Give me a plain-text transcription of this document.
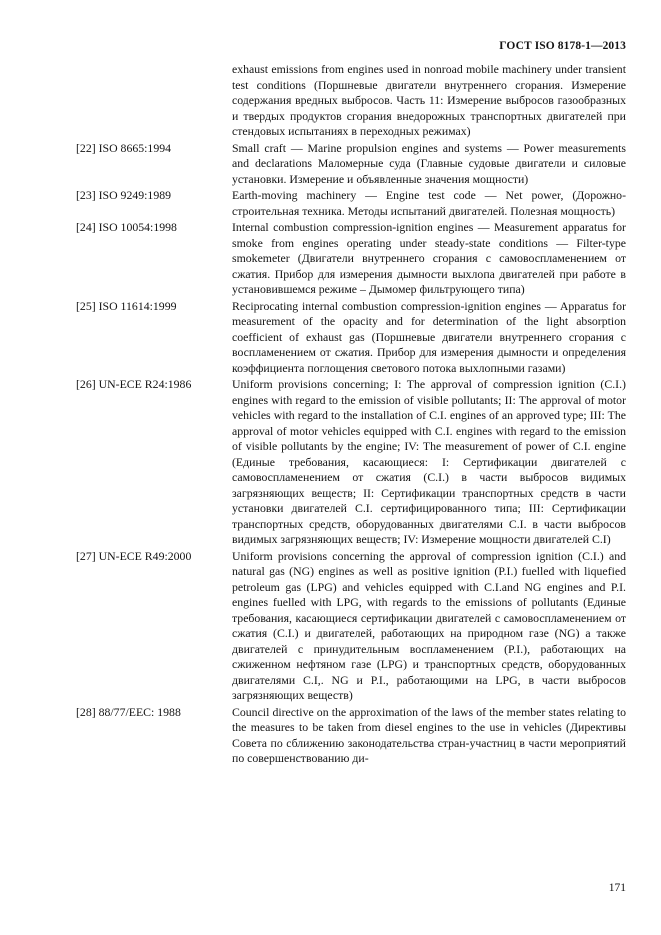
ГОСТ ISO 8178-1—2013
exhaust emissions from engines used in nonroad mobile machinery under transient test conditions (Поршневые двигатели внутреннего сгорания. Измерение содержания вредных выбросов. Часть 11: Измерение выбросов газообразных и твердых продуктов сгорания внедорожных транспортных двигателей при стендовых испытаниях в переходных режимах)
[22] ISO 8665:1994	Small craft — Marine propulsion engines and systems — Power measurements and declarations Маломерные суда (Главные судовые двигатели и силовые установки. Измерение и объявленные значения мощности)
[23] ISO 9249:1989	Earth-moving machinery — Engine test code — Net power, (Дорожно-строительная техника. Методы испытаний двигателей. Полезная мощность)
[24] ISO 10054:1998	Internal combustion compression-ignition engines — Measurement apparatus for smoke from engines operating under steady-state conditions — Filter-type smokemeter (Двигатели внутреннего сгорания с самовоспламенением от сжатия. Прибор для измерения дымности выхлопа двигателей при работе в установившемся режиме – Дымомер фильтрующего типа)
[25] ISO 11614:1999	Reciprocating internal combustion compression-ignition engines — Apparatus for measurement of the opacity and for determination of the light absorption coefficient of exhaust gas (Поршневые двигатели внутреннего сгорания с воспламенением от сжатия. Прибор для измерения дымности и определения коэффициента поглощения светового потока выхлопными газами)
[26] UN-ECE R24:1986	Uniform provisions concerning; I: The approval of compression ignition (C.I.) engines with regard to the emission of visible pollutants; II: The approval of motor vehicles with regard to the installation of C.I. engines of an approved type; III: The approval of motor vehicles equipped with C.I. engines with regard to the emission of visible pollutants by the engine; IV: The measurement of power of C.I. engine (Единые требования, касающиеся: I: Сертификации двигателей с самовоспламенением от сжатия (C.I.) в части выбросов видимых загрязняющих веществ; II: Сертификации транспортных средств в части установки двигателей C.I. сертифицированного типа; III: Сертификации транспортных средств, оборудованных двигателями C.I. в части выбросов видимых загрязняющих веществ; IV: Измерение мощности двигателей C.I)
[27] UN-ECE R49:2000	Uniform provisions concerning the approval of compression ignition (C.I.) and natural gas (NG) engines as well as positive ignition (P.I.) fuelled with liquefied petroleum gas (LPG) and vehicles equipped with C.I.and NG engines and P.I. engines fuelled with LPG, with regards to the emissions of pollutants (Единые требования, касающиеся сертификации двигателей с самовоспламенением от сжатия (C.I.) и двигателей, работающих на природном газе (NG) а также двигателей с принудительным воспламенением (P.I.), работающих на сжиженном нефтяном газе (LPG) и транспортных средств, оборудованных двигателями C.I,. NG и P.I., работающими на LPG, в части выбросов загрязняющих веществ)
[28] 88/77/EEC: 1988	Council directive on the approximation of the laws of the member states relating to the measures to be taken from diesel engines to the use in vehicles (Директивы Совета по сближению законодательства стран-участниц в части мероприятий по совершенствованию ди-
171
